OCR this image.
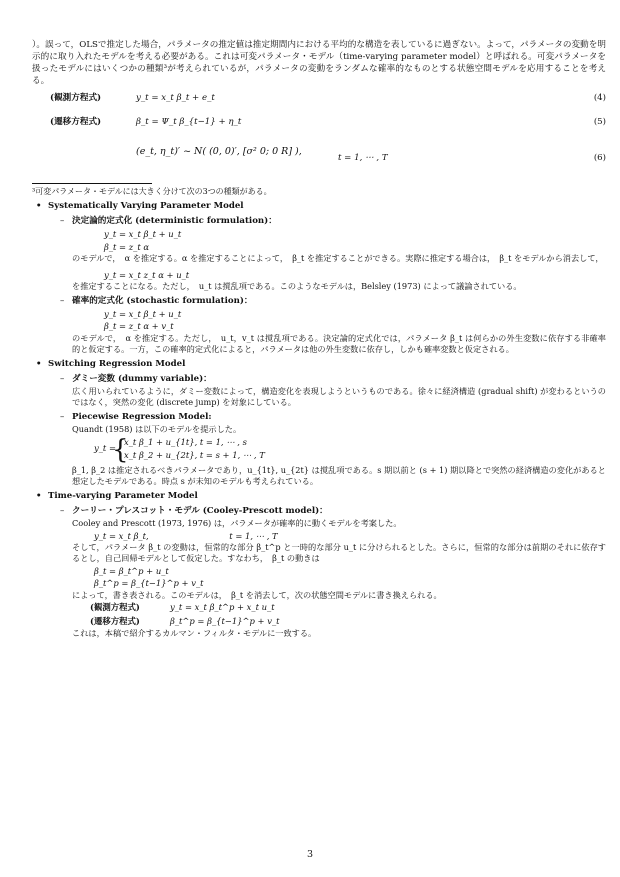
）。誤って，OLSで推定した場合，パラメータの推定値は推定期間内における平均的な構造を表しているに過ぎない。よって，パラメータの変動を明示的に取り入れたモデルを考える必要がある。これは可変パラメータ・モデル（time-varying parameter model）と呼ばれる。可変パラメータを扱ったモデルにはいくつかの種類³が考えられているが，パラメータの変動をランダムな確率的なものとする状態空間モデルを応用することを考える。

(観測方程式)	y_t = x_t β_t + e_t	(4)
(遷移方程式)	β_t = Ψ_t β_{t−1} + η_t	(5)
(e_t, η_t)′ ~ N( (0, 0)′, [σ² 0; 0 R] ),
t = 1, ⋯ , T	(6)

³可変パラメータ・モデルには大きく分けて次の3つの種類がある。

• Systematically Varying Parameter Model

– 決定論的定式化 (deterministic formulation)：

y_t = x_t β_t + u_t
β_t = z_t α

のモデルで，　α を推定する。α を推定することによって，　β_t を推定することができる。実際に推定する場合は，　β_t をモデルから消去して，

y_t = x_t z_t α + u_t

を推定することになる。ただし，　u_t は撹乱項である。このようなモデルは，Belsley (1973) によって議論されている。

– 確率的定式化 (stochastic formulation)：

y_t = x_t β_t + u_t
β_t = z_t α + v_t

のモデルで，　α を推定する。ただし，　u_t，v_t は撹乱項である。決定論的定式化では，パラメータ β_t は何らかの外生変数に依存する非確率的と仮定する。一方，この確率的定式化によると，パラメータは他の外生変数に依存し，しかも確率変数と仮定される。

• Switching Regression Model

– ダミー変数 (dummy variable)：

広く用いられているように，ダミー変数によって，構造変化を表現しようというものである。徐々に経済構造 (gradual shift) が変わるというのではなく，突然の変化 (discrete jump) を対象にしている。

– Piecewise Regression Model:

Quandt (1958) は以下のモデルを提示した。

y_t =
{
x_t β_1 + u_{1t}, t = 1, ⋯ , s
x_t β_2 + u_{2t}, t = s + 1, ⋯ , T

β_1, β_2 は推定されるべきパラメータであり，u_{1t}, u_{2t} は撹乱項である。s 期以前と (s + 1) 期以降とで突然の経済構造の変化があると想定したモデルである。時点 s が未知のモデルも考えられている。

• Time-varying Parameter Model

– クーリー・プレスコット・モデル (Cooley-Prescott model)：

Cooley and Prescott (1973, 1976) は，パラメータが確率的に動くモデルを考案した。

y_t = x_t β_t,	t = 1, ⋯ , T

そして，パラメータ β_t の変動は，恒常的な部分 β_t^p と一時的な部分 u_t に分けられるとした。さらに，恒常的な部分は前期のそれに依存するとし，自己回帰モデルとして仮定した。すなわち，　β_t の動きは

β_t = β_t^p + u_t
β_t^p = β_{t−1}^p + v_t

によって，書き表される。このモデルは，　β_t を消去して，次の状態空間モデルに書き換えられる。

(観測方程式)	y_t = x_t β_t^p + x_t u_t
(遷移方程式)	β_t^p = β_{t−1}^p + v_t

これは，本稿で紹介するカルマン・フィルタ・モデルに一致する。

3
